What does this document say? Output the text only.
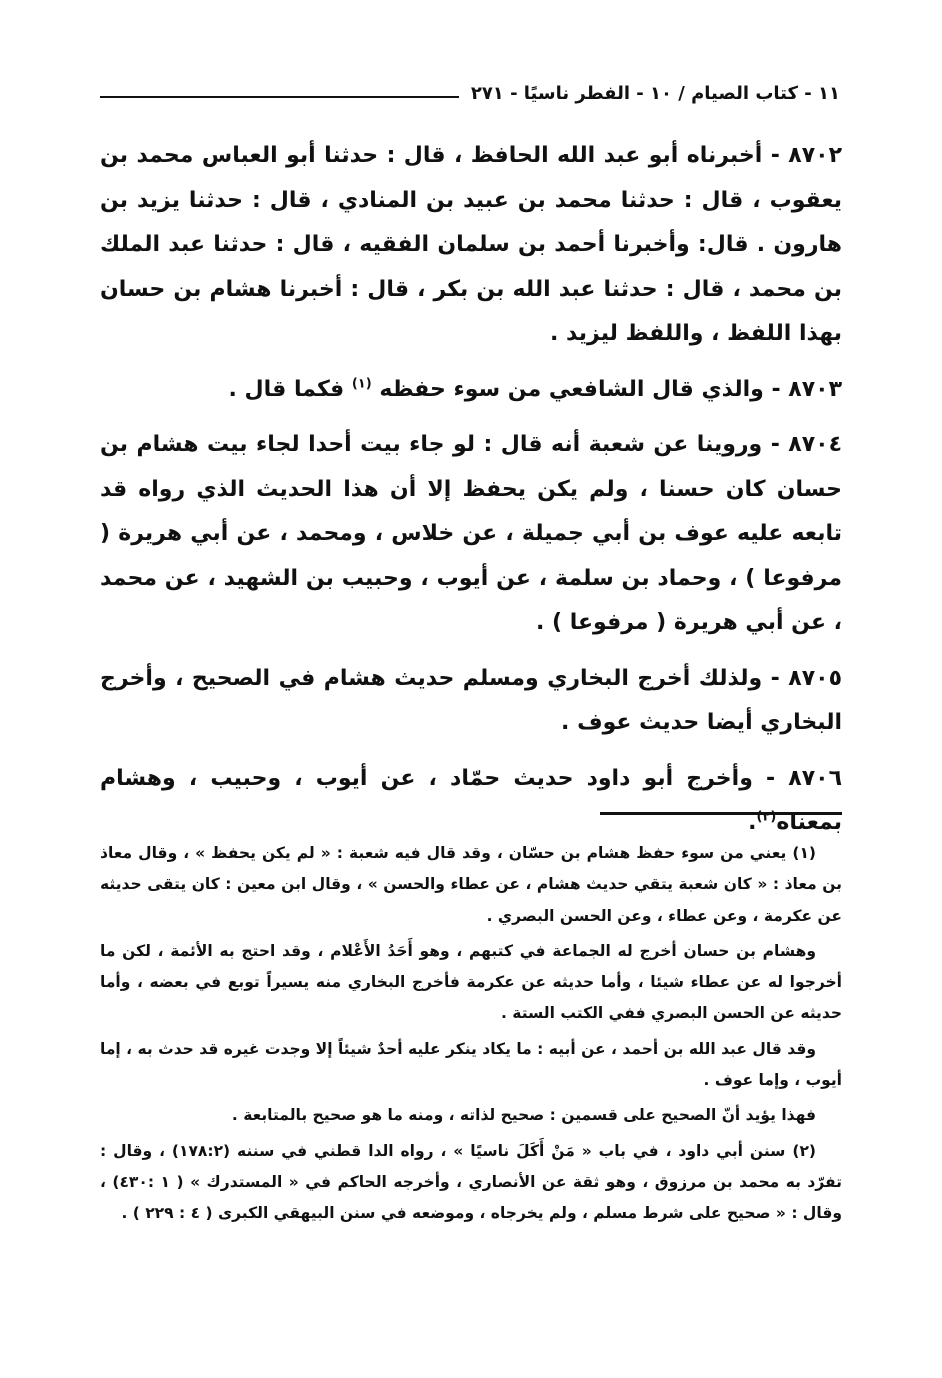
١١ - كتاب الصيام / ١٠ - الفطر ناسيًا - ٢٧١

٨٧٠٢ - أخبرناه أبو عبد الله الحافظ ، قال : حدثنا أبو العباس محمد بن يعقوب ، قال : حدثنا محمد بن عبيد بن المنادي ، قال : حدثنا يزيد بن هارون . قال: وأخبرنا أحمد بن سلمان الفقيه ، قال : حدثنا عبد الملك بن محمد ، قال : حدثنا عبد الله بن بكر ، قال : أخبرنا هشام بن حسان بهذا اللفظ ، واللفظ ليزيد .

٨٧٠٣ - والذي قال الشافعي من سوء حفظه $^{(١)}$ فكما قال .

٨٧٠٤ - وروينا عن شعبة أنه قال : لو جاء بيت أحدا لجاء بيت هشام بن حسان كان حسنا ، ولم يكن يحفظ إلا أن هذا الحديث الذي رواه قد تابعه عليه عوف بن أبي جميلة ، عن خلاس ، ومحمد ، عن أبي هريرة ( مرفوعا ) ، وحماد بن سلمة ، عن أيوب ، وحبيب بن الشهيد ، عن محمد ، عن أبي هريرة ( مرفوعا ) .

٨٧٠٥ - ولذلك أخرج البخاري ومسلم حديث هشام في الصحيح ، وأخرج البخاري أيضا حديث عوف .

٨٧٠٦ - وأخرج أبو داود حديث حمّاد ، عن أيوب ، وحبيب ، وهشام بمعناه$^{(٢)}$.

(١) يعني من سوء حفظ هشام بن حسّان ، وقد قال فيه شعبة : « لم يكن يحفظ » ، وقال معاذ بن معاذ : « كان شعبة يتقي حديث هشام ، عن عطاء والحسن » ، وقال ابن معين : كان يتقى حديثه عن عكرمة ، وعن عطاء ، وعن الحسن البصري .

وهشام بن حسان أخرج له الجماعة في كتبهم ، وهو أَحَدُ الأَعْلام ، وقد احتج به الأئمة ، لكن ما أخرجوا له عن عطاء شيئا ، وأما حديثه عن عكرمة فأخرج البخاري منه يسيراً توبع في بعضه ، وأما حديثه عن الحسن البصري ففي الكتب الستة .

وقد قال عبد الله بن أحمد ، عن أبيه : ما يكاد ينكر عليه أحدٌ شيئاً إلا وجدت غيره قد حدث به ، إما أيوب ، وإما عوف .

فهذا يؤيد أنّ الصحيح على قسمين : صحيح لذاته ، ومنه ما هو صحيح بالمتابعة .

(٢) سنن أبي داود ، في باب « مَنْ أَكَلَ ناسيًا » ، رواه الدا قطني في سننه (١٧٨:٢) ، وقال : تفرّد به محمد بن مرزوق ، وهو ثقة عن الأنصاري ، وأخرجه الحاكم في « المستدرك » ( ١ :٤٣٠) ، وقال : « صحيح على شرط مسلم ، ولم يخرجاه ، وموضعه في سنن البيهقي الكبرى ( ٤ : ٢٢٩ ) .
